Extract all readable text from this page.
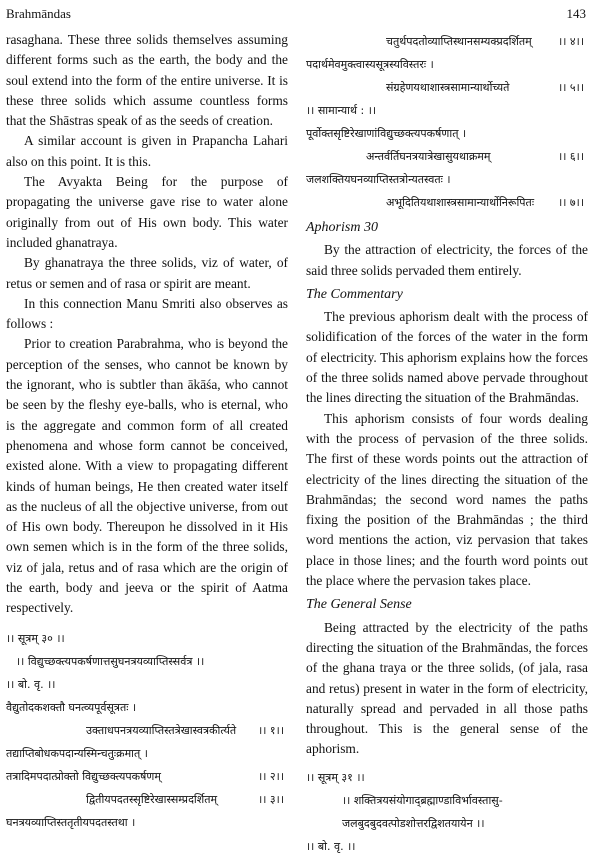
Brahmāndas	143

rasaghana. These three solids themselves assuming different forms such as the earth, the body and the soul extend into the form of the entire universe. It is these three solids which assume countless forms that the Shāstras speak of as the seeds of creation.

A similar account is given in Prapancha Lahari also on this point. It is this.

The Avyakta Being for the purpose of propagating the universe gave rise to water alone originally from out of His own body. This water included ghanatraya.

By ghanatraya the three solids, viz of water, of retus or semen and of rasa or spirit are meant.

In this connection Manu Smriti also observes as follows :

Prior to creation Parabrahma, who is beyond the perception of the senses, who cannot be known by the ignorant, who is subtler than ākāśa, who cannot be seen by the fleshy eye-balls, who is eternal, who is the aggregate and common form of all created phenomena and whose form cannot be conceived, existed alone. With a view to propagating different kinds of human beings, He then created water itself as the nucleus of all the objective universe, from out of His own body. Thereupon he dissolved in it His own semen which is in the form of the three solids, viz of jala, retus and of rasa which are the origin of the earth, body and jeeva or the spirit of Aatma respectively.

।। सूत्रम् ३० ।।
।। विद्युच्छक्त्यपकर्षणात्तसुघनत्रयव्याप्तिस्सर्वत्र ।।
।। बो. वृ. ।।
वैद्युतोदकशक्तौ घनत्व्यपूर्वसूत्रतः ।
उक्ताधपनत्रयव्याप्तिस्तत्रेखास्वत्रकीर्त्यते ।। १।।
तद्याप्तिबोधकपदान्यस्मिन्चतुःक्रमात् ।
तत्रादिमपदात्प्रोक्तो विद्युच्छक्त्यपकर्षणम्	।। २।।
द्वितीयपदतस्सृष्टिरेखास्सम्प्रदर्शितम्	।। ३।।
घनत्रयव्याप्तिस्ततृतीयपदतस्तथा ।
चतुर्थपदतोव्याप्तिस्थानसम्यक्प्रदर्शितम् ।। ४।।
पदार्थमेवमुक्त्वास्यसूत्रस्यविस्तरः ।
संग्रहेणयथाशास्त्रसामान्यार्थोच्यते	।। ५।।
।। सामान्यार्थ : ।।
पूर्वोक्तसृष्टिरेखाणांविद्युच्छक्त्यपकर्षणात् ।
अन्तर्वर्तिघनत्रयात्रेखासुयथाक्रमम्	।। ६।।
जलशक्तियघनव्याप्तिस्तत्रोन्यतस्वतः ।
अभूदितियथाशास्त्रसामान्यार्थोनिरूपितः ।। ७।।

Aphorism 30

By the attraction of electricity, the forces of the said three solids pervaded them entirely.

The Commentary

The previous aphorism dealt with the process of solidification of the forces of the water in the form of electricity. This aphorism explains how the forces of the three solids named above pervade throughout the lines directing the situation of the Brahmāndas.

This aphorism consists of four words dealing with the process of pervasion of the three solids. The first of these words points out the attraction of electricity of the lines directing the situation of the Brahmāndas; the second word names the paths fixing the position of the Brahmāndas ; the third word mentions the action, viz pervasion that takes place in those lines; and the fourth word points out the place where the pervasion takes place.

The General Sense

Being attracted by the electricity of the paths directing the situation of the Brahmāndas, the forces of the ghana traya or the three solids, (of jala, rasa and retus) present in water in the form of electricity, naturally spread and pervaded in all those paths throughout. This is the general sense of the aphorism.

।। सूत्रम् ३१ ।।
।। शक्तित्रयसंयोगाद्ब्रह्माण्डाविर्भावस्तासु-
जलबुदबुदवत्पोडशोत्तरद्विशतयायेन ।।
।। बो. वृ. ।।
